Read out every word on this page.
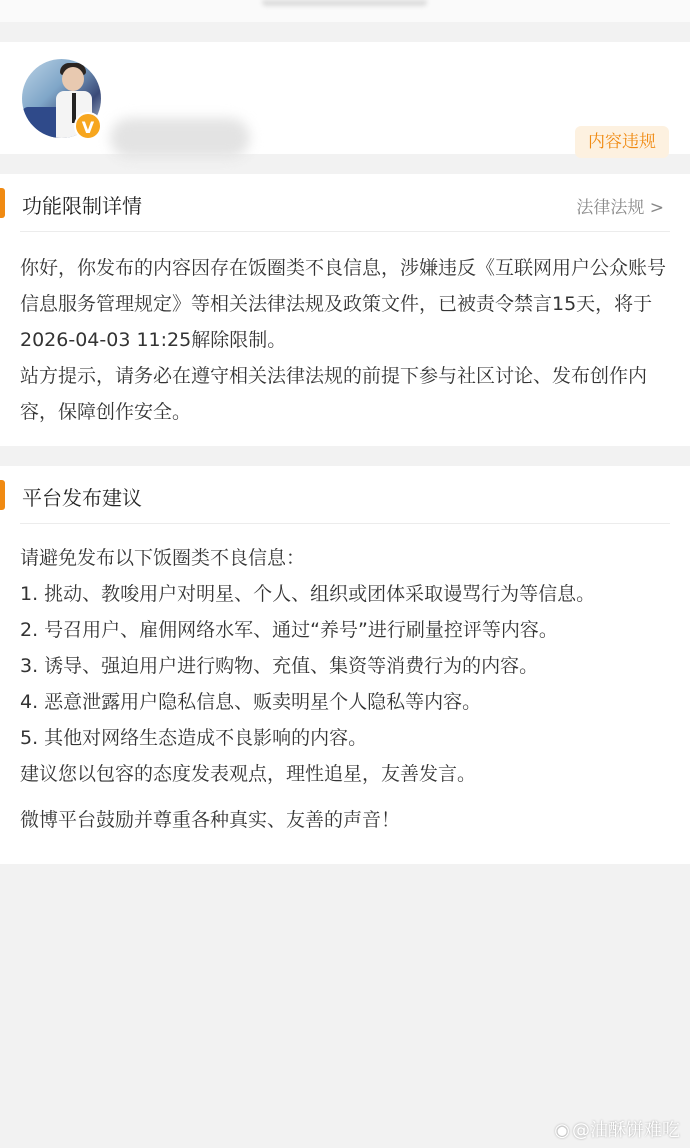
V
内容违规
功能限制详情	法律法规 >

你好，你发布的内容因存在饭圈类不良信息，涉嫌违反《互联网用户公众账号信息服务管理规定》等相关法律法规及政策文件，已被责令禁言15天，将于2026-04-03 11:25解除限制。

站方提示，请务必在遵守相关法律法规的前提下参与社区讨论、发布创作内容，保障创作安全。

平台发布建议

请避免发布以下饭圈类不良信息：

1. 挑动、教唆用户对明星、个人、组织或团体采取谩骂行为等信息。

2. 号召用户、雇佣网络水军、通过“养号”进行刷量控评等内容。

3. 诱导、强迫用户进行购物、充值、集资等消费行为的内容。

4. 恶意泄露用户隐私信息、贩卖明星个人隐私等内容。

5. 其他对网络生态造成不良影响的内容。

建议您以包容的态度发表观点，理性追星，友善发言。

微博平台鼓励并尊重各种真实、友善的声音！

◉ @油酥饼难吃
